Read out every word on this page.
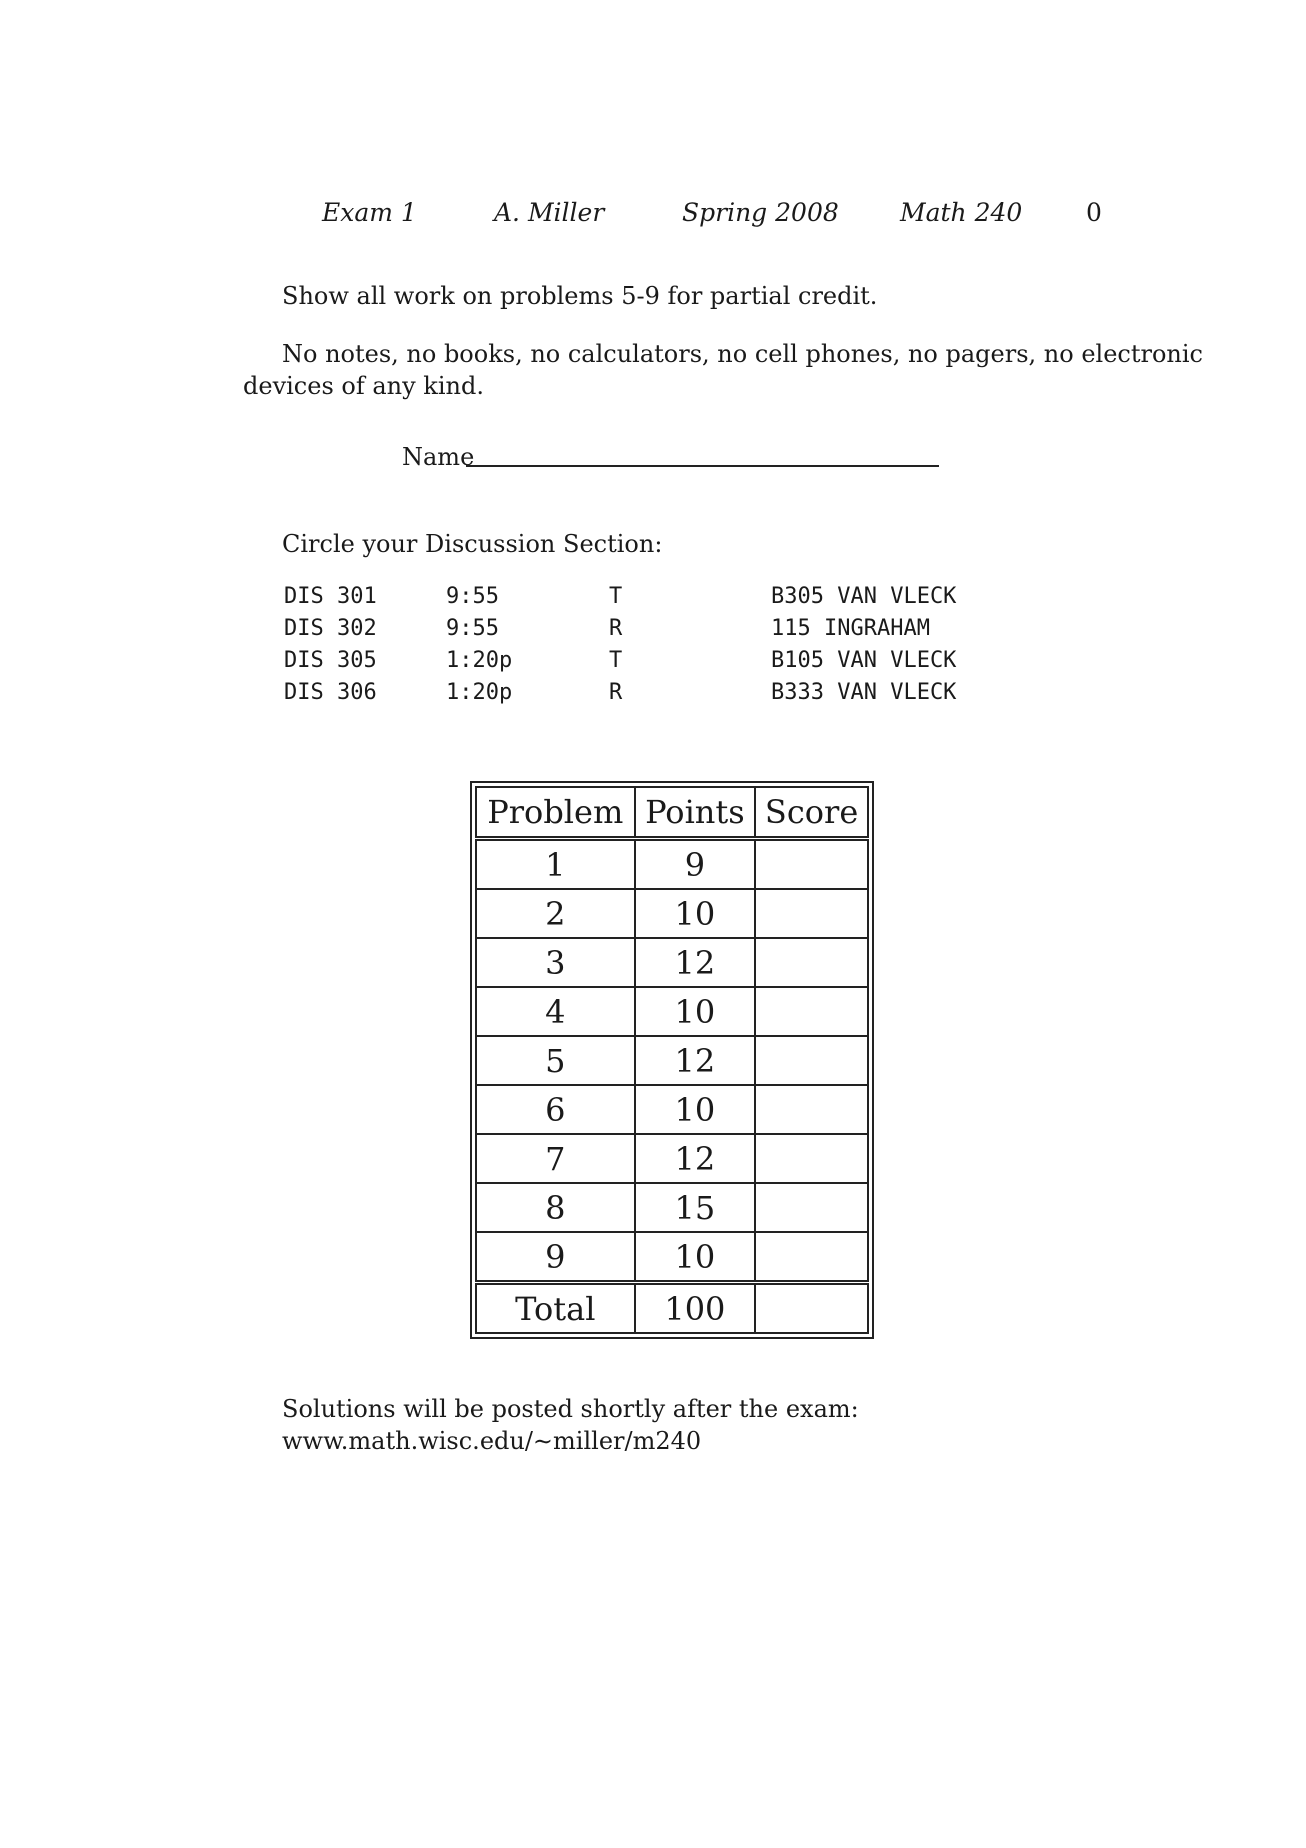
Exam 1	A. Miller	Spring 2008 Math 240	0
Show all work on problems 5-9 for partial credit.
No notes, no books, no calculators, no cell phones, no pagers, no electronic
devices of any kind.
Name
Circle your Discussion Section:
DIS 301	9:55	T	B305 VAN VLECK
DIS 302	9:55	R	115 INGRAHAM
DIS 305	1:20p	T	B105 VAN VLECK
DIS 306	1:20p	R	B333 VAN VLECK
Problem	Points	Score
1	9	
2	10	
3	12	
4	10	
5	12	
6	10	
7	12	
8	15	
9	10	
Total	100	
Solutions will be posted shortly after the exam:
www.math.wisc.edu/∼miller/m240
